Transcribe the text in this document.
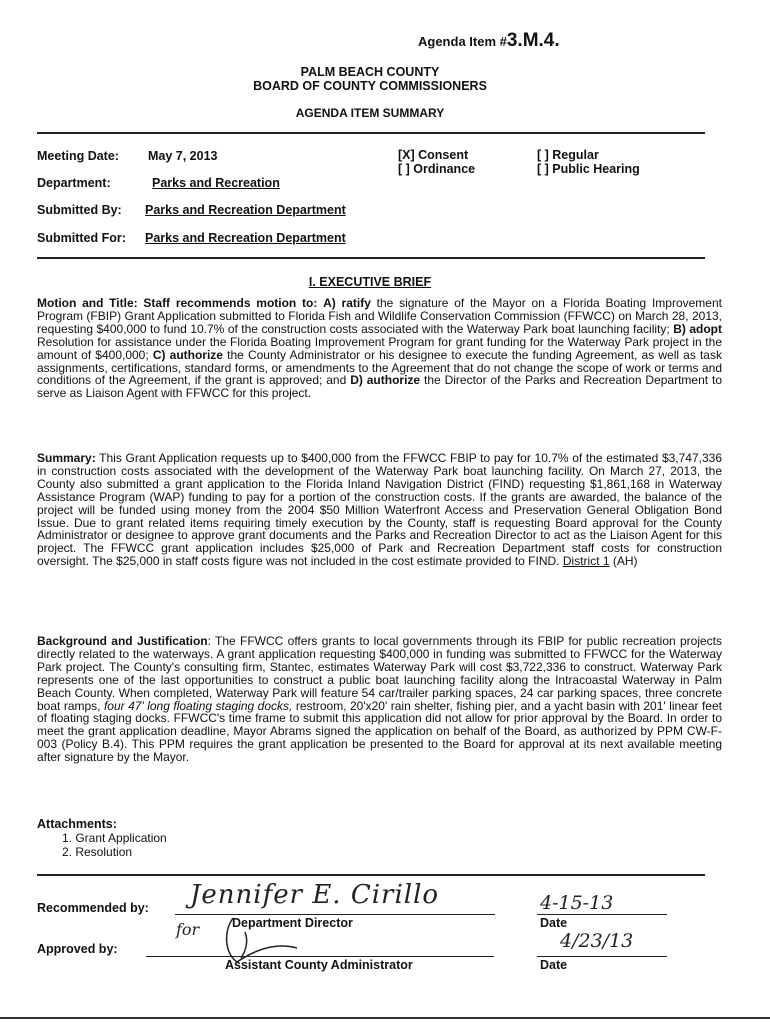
Agenda Item #3.M.4.
PALM BEACH COUNTY
BOARD OF COUNTY COMMISSIONERS
AGENDA ITEM SUMMARY
Meeting Date: May 7, 2013	[X] Consent
[ ] Ordinance
[ ] Regular
[ ] Public Hearing
Department:	Parks and Recreation
Submitted By: Parks and Recreation Department
Submitted For: Parks and Recreation Department
I. EXECUTIVE BRIEF

Motion and Title: Staff recommends motion to: A) ratify the signature of the Mayor on a Florida Boating Improvement Program (FBIP) Grant Application submitted to Florida Fish and Wildlife Conservation Commission (FFWCC) on March 28, 2013, requesting $400,000 to fund 10.7% of the construction costs associated with the Waterway Park boat launching facility; B) adopt Resolution for assistance under the Florida Boating Improvement Program for grant funding for the Waterway Park project in the amount of $400,000; C) authorize the County Administrator or his designee to execute the funding Agreement, as well as task assignments, certifications, standard forms, or amendments to the Agreement that do not change the scope of work or terms and conditions of the Agreement, if the grant is approved; and D) authorize the Director of the Parks and Recreation Department to serve as Liaison Agent with FFWCC for this project.

Summary: This Grant Application requests up to $400,000 from the FFWCC FBIP to pay for 10.7% of the estimated $3,747,336 in construction costs associated with the development of the Waterway Park boat launching facility. On March 27, 2013, the County also submitted a grant application to the Florida Inland Navigation District (FIND) requesting $1,861,168 in Waterway Assistance Program (WAP) funding to pay for a portion of the construction costs. If the grants are awarded, the balance of the project will be funded using money from the 2004 $50 Million Waterfront Access and Preservation General Obligation Bond Issue. Due to grant related items requiring timely execution by the County, staff is requesting Board approval for the County Administrator or designee to approve grant documents and the Parks and Recreation Director to act as the Liaison Agent for this project. The FFWCC grant application includes $25,000 of Park and Recreation Department staff costs for construction oversight. The $25,000 in staff costs figure was not included in the cost estimate provided to FIND. District 1 (AH)

Background and Justification: The FFWCC offers grants to local governments through its FBIP for public recreation projects directly related to the waterways. A grant application requesting $400,000 in funding was submitted to FFWCC for the Waterway Park project. The County's consulting firm, Stantec, estimates Waterway Park will cost $3,722,336 to construct. Waterway Park represents one of the last opportunities to construct a public boat launching facility along the Intracoastal Waterway in Palm Beach County. When completed, Waterway Park will feature 54 car/trailer parking spaces, 24 car parking spaces, three concrete boat ramps, four 47' long floating staging docks, restroom, 20'x20' rain shelter, fishing pier, and a yacht basin with 201' linear feet of floating staging docks. FFWCC's time frame to submit this application did not allow for prior approval by the Board. In order to meet the grant application deadline, Mayor Abrams signed the application on behalf of the Board, as authorized by PPM CW-F-003 (Policy B.4). This PPM requires the grant application be presented to the Board for approval at its next available meeting after signature by the Mayor.

Attachments:
1. Grant Application
2. Resolution
Recommended by:
Department Director
Jennifer E. Cirillo
for
4-15-13
Date
Approved by:
Assistant County Administrator
4/23/13
Date
